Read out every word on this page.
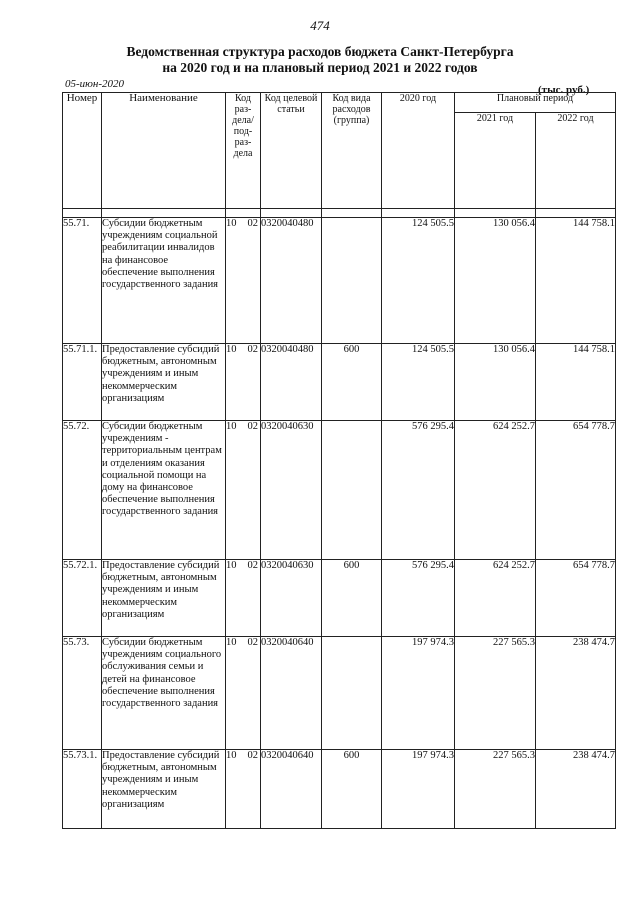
474
Ведомственная структура расходов бюджета Санкт-Петербурга
на 2020 год и на плановый период 2021 и 2022 годов
05-июн-2020	(тыс. руб.)
Номер	Наименование	Код раз-дела/ под-раз-дела	Код целевой статьи	Код вида расходов (группа)	2020 год	Плановый период	
						2021 год	2022 год

55.71.	Субсидии бюджетным учреждениям социальной реабилитации инвалидов на финансовое обеспечение выполнения государственного задания	10 02	0320040480		124 505.5	130 056.4	144 758.1
55.71.1.	Предоставление субсидий бюджетным, автономным учреждениям и иным некоммерческим организациям	10 02	0320040480	600	124 505.5	130 056.4	144 758.1
55.72.	Субсидии бюджетным учреждениям - территориальным центрам и отделениям оказания социальной помощи на дому на финансовое обеспечение выполнения государственного задания	10 02	0320040630		576 295.4	624 252.7	654 778.7
55.72.1.	Предоставление субсидий бюджетным, автономным учреждениям и иным некоммерческим организациям	10 02	0320040630	600	576 295.4	624 252.7	654 778.7
55.73.	Субсидии бюджетным учреждениям социального обслуживания семьи и детей на финансовое обеспечение выполнения государственного задания	10 02	0320040640		197 974.3	227 565.3	238 474.7
55.73.1.	Предоставление субсидий бюджетным, автономным учреждениям и иным некоммерческим организациям	10 02	0320040640	600	197 974.3	227 565.3	238 474.7
